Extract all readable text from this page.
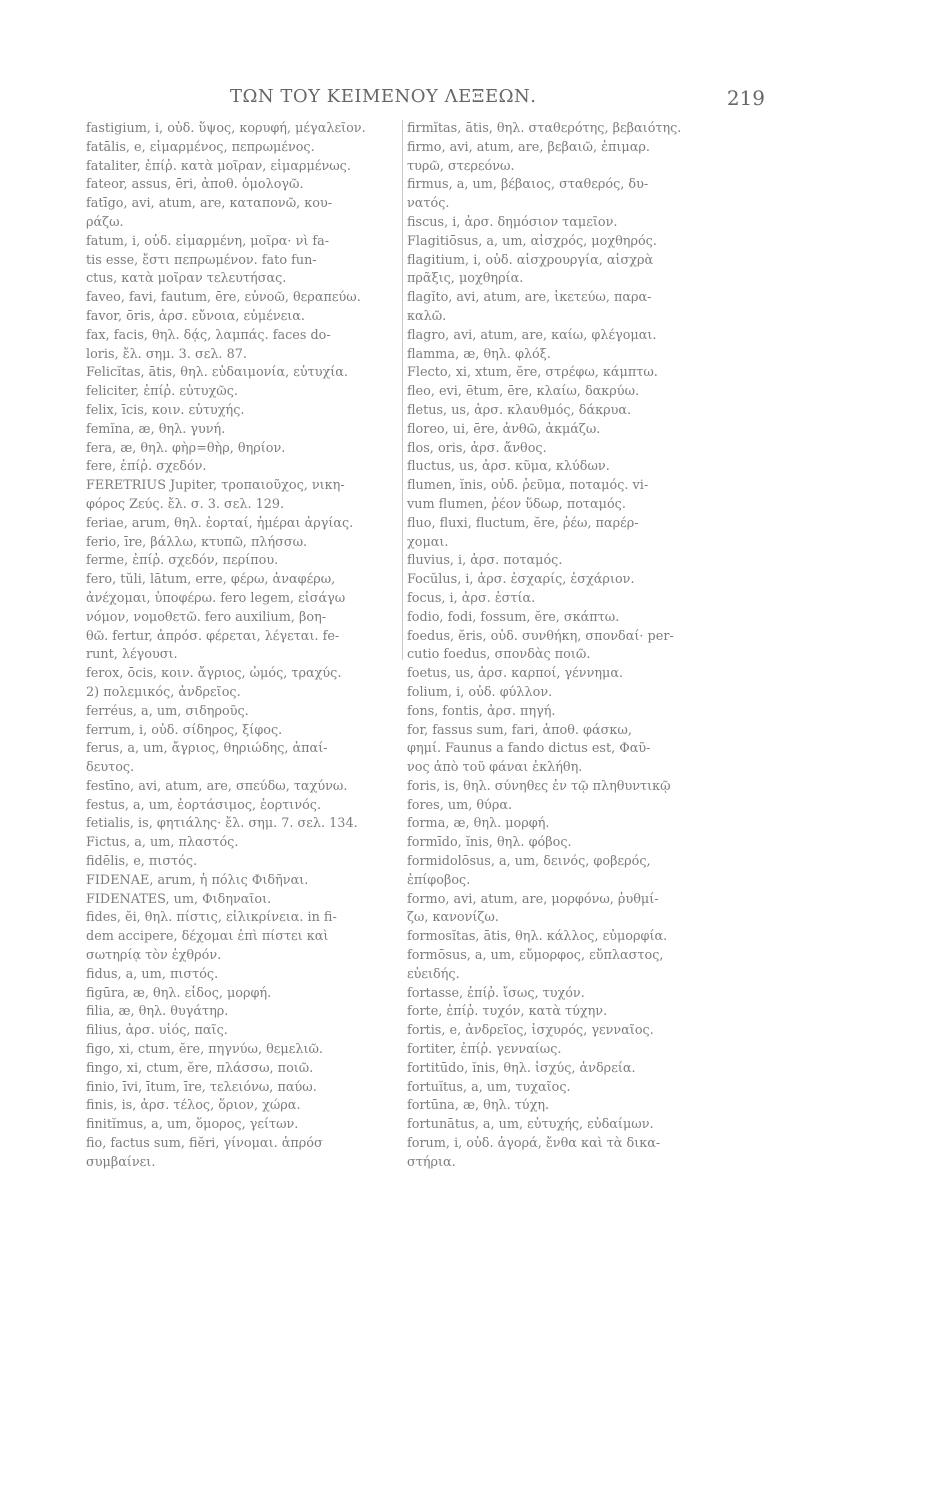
ΤΩΝ ΤΟΥ ΚΕΙΜΕΝΟΥ ΛΕΞΕΩΝ.	219
fastigium, i, οὐδ. ὕψος, κορυφή, μέγαλεῖον.
fatālis, e, εἱμαρμένος, πεπρωμένος.
fataliter, ἐπίῤ. κατὰ μοῖραν, εἱμαρμένως.
fateor, assus, ēri, ἀποθ. ὁμολογῶ.
fatīgo, avi, atum, are, καταπονῶ, κου-
ράζω.
fatum, i, οὐδ. εἱμαρμένη, μοῖρα· νὶ fa-
tis esse, ἔστι πεπρωμένον. fato fun-
ctus, κατὰ μοῖραν τελευτήσας.
faveo, favi, fautum, ēre, εὐνοῶ, θεραπεύω.
favor, ōris, ἀρσ. εὔνοια, εὐμένεια.
fax, facis, θηλ. δᾴς, λαμπάς. faces do-
loris, ἔλ. σημ. 3. σελ. 87.
Felicĭtas, ātis, θηλ. εὐδαιμονία, εὐτυχία.
feliciter, ἐπίῤ. εὐτυχῶς.
felix, īcis, κοιν. εὐτυχής.
femĭna, æ, θηλ. γυνή.
fera, æ, θηλ. φὴρ=θὴρ, θηρίον.
fere, ἐπίῤ. σχεδόν.
FERETRIUS Jupiter, τροπαιοῦχος, νικη-
φόρος Ζεύς. ἔλ. σ. 3. σελ. 129.
feriae, arum, θηλ. ἑορταί, ἡμέραι ἀργίας.
ferio, īre, βάλλω, κτυπῶ, πλήσσω.
ferme, ἐπίῤ. σχεδόν, περίπου.
fero, tŭli, lātum, erre, φέρω, ἀναφέρω,
ἀνέχομαι, ὑποφέρω. fero legem, εἰσάγω
νόμον, νομοθετῶ. fero auxilium, βοη-
θῶ. fertur, ἀπρόσ. φέρεται, λέγεται. fe-
runt, λέγουσι.
ferox, ōcis, κοιν. ἄγριος, ὠμός, τραχύς.
2) πολεμικός, ἀνδρεῖος.
ferréus, a, um, σιδηροῦς.
ferrum, i, οὐδ. σίδηρος, ξίφος.
ferus, a, um, ἄγριος, θηριώδης, ἀπαί-
δευτος.
festīno, avi, atum, are, σπεύδω, ταχύνω.
festus, a, um, ἑορτάσιμος, ἑορτινός.
fetialis, is, φητιάλης· ἔλ. σημ. 7. σελ. 134.
Fictus, a, um, πλαστός.
fidēlis, e, πιστός.
FIDENAE, arum, ἡ πόλις Φιδῆναι.
FIDENATES, um, Φιδηναῖοι.
fides, ĕi, θηλ. πίστις, εἰλικρίνεια. in fi-
dem accipere, δέχομαι ἐπὶ πίστει καὶ
σωτηρίᾳ τὸν ἐχθρόν.
fidus, a, um, πιστός.
figūra, æ, θηλ. εἶδος, μορφή.
filia, æ, θηλ. θυγάτηρ.
filius, ἀρσ. υἱός, παῖς.
figo, xi, ctum, ĕre, πηγνύω, θεμελιῶ.
fingo, xi, ctum, ĕre, πλάσσω, ποιῶ.
finio, īvi, ītum, īre, τελειόνω, παύω.
finis, is, ἀρσ. τέλος, ὅριον, χώρα.
finitĭmus, a, um, ὅμορος, γείτων.
fio, factus sum, fiĕri, γίνομαι. ἀπρόσ
συμβαίνει.
firmĭtas, ātis, θηλ. σταθερότης, βεβαιότης.
firmo, avi, atum, are, βεβαιῶ, ἐπιμαρ.
τυρῶ, στερεόνω.
firmus, a, um, βέβαιος, σταθερός, δυ-
νατός.
fiscus, i, ἀρσ. δημόσιον ταμεῖον.
Flagitiōsus, a, um, αἰσχρός, μοχθηρός.
flagitium, i, οὐδ. αἰσχρουργία, αἰσχρὰ
πρᾶξις, μοχθηρία.
flagĭto, avi, atum, are, ἱκετεύω, παρα-
καλῶ.
flagro, avi, atum, are, καίω, φλέγομαι.
flamma, æ, θηλ. φλόξ.
Flecto, xi, xtum, ĕre, στρέφω, κάμπτω.
fleo, evi, ētum, ēre, κλαίω, δακρύω.
fletus, us, ἀρσ. κλαυθμός, δάκρυα.
floreo, ui, ēre, ἀνθῶ, ἀκμάζω.
flos, oris, ἀρσ. ἄνθος.
fluctus, us, ἀρσ. κῦμα, κλύδων.
flumen, ĭnis, οὐδ. ῥεῦμα, ποταμός. vi-
vum flumen, ῥέον ὕδωρ, ποταμός.
fluo, fluxi, fluctum, ĕre, ῥέω, παρέρ-
χομαι.
fluvius, i, ἀρσ. ποταμός.
Focŭlus, i, ἀρσ. ἐσχαρίς, ἐσχάριον.
focus, i, ἀρσ. ἑστία.
fodio, fodi, fossum, ĕre, σκάπτω.
foedus, ĕris, οὐδ. συνθήκη, σπονδαί· per-
cutio foedus, σπονδὰς ποιῶ.
foetus, us, ἀρσ. καρποί, γέννημα.
folium, i, οὐδ. φύλλον.
fons, fontis, ἀρσ. πηγή.
for, fassus sum, fari, ἀποθ. φάσκω,
φημί. Faunus a fando dictus est, Φαῦ-
νος ἀπὸ τοῦ φάναι ἐκλήθη.
foris, is, θηλ. σύνηθες ἐν τῷ πληθυντικῷ
fores, um, θύρα.
forma, æ, θηλ. μορφή.
formīdo, ĭnis, θηλ. φόβος.
formidolōsus, a, um, δεινός, φοβερός,
ἐπίφοβος.
formo, avi, atum, are, μορφόνω, ῥυθμί-
ζω, κανονίζω.
formosĭtas, ātis, θηλ. κάλλος, εὐμορφία.
formōsus, a, um, εὔμορφος, εὔπλαστος,
εὐειδής.
fortasse, ἐπίῤ. ἴσως, τυχόν.
forte, ἐπίῤ. τυχόν, κατὰ τύχην.
fortis, e, ἀνδρεῖος, ἰσχυρός, γενναῖος.
fortiter, ἐπίῤ. γενναίως.
fortitūdo, ĭnis, θηλ. ἰσχύς, ἀνδρεία.
fortuĭtus, a, um, τυχαῖος.
fortūna, æ, θηλ. τύχη.
fortunātus, a, um, εὐτυχής, εὐδαίμων.
forum, i, οὐδ. ἀγορά, ἔνθα καὶ τὰ δικα-
στήρια.
